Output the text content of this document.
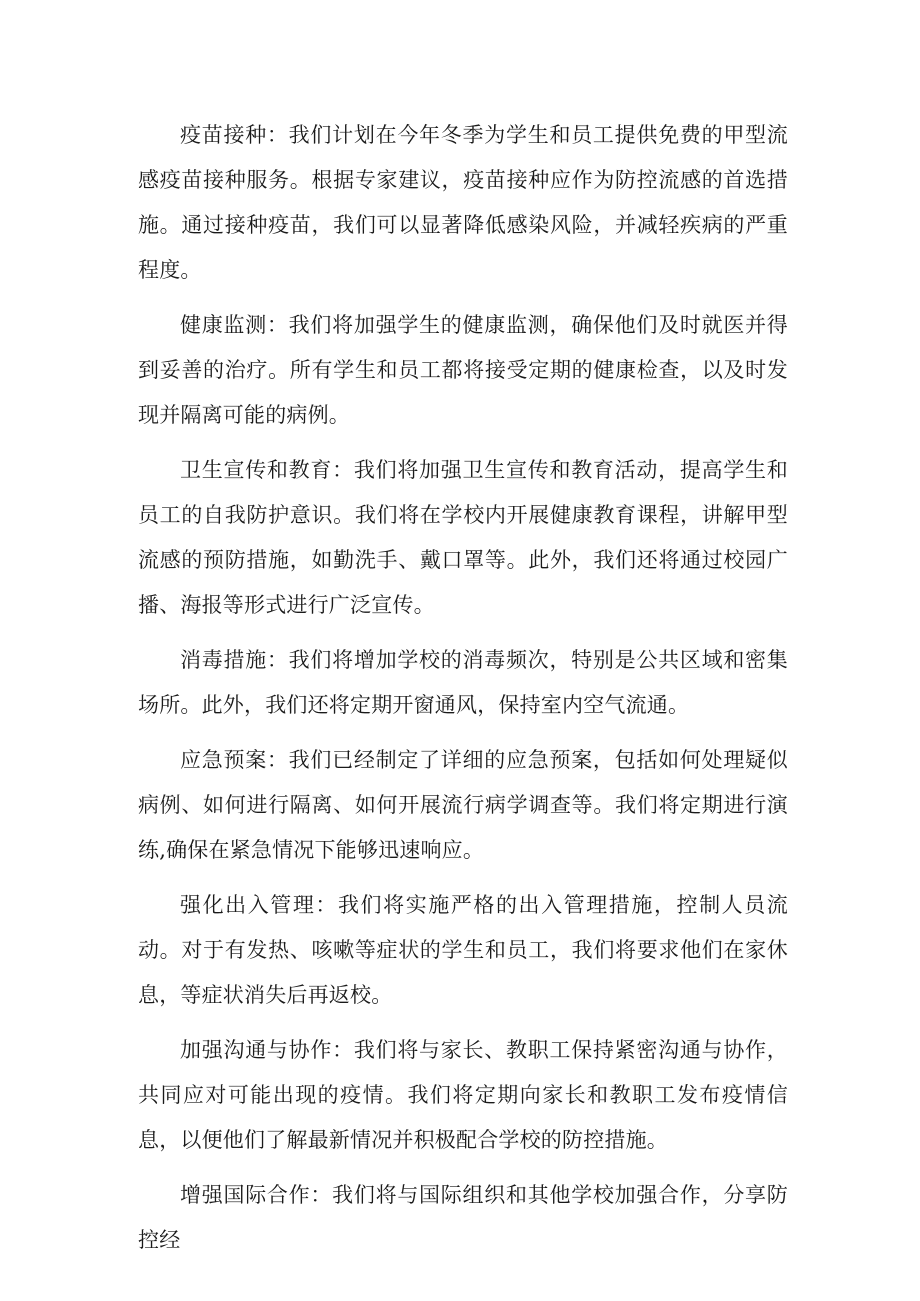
疫苗接种：我们计划在今年冬季为学生和员工提供免费的甲型流感疫苗接种服务。根据专家建议，疫苗接种应作为防控流感的首选措施。通过接种疫苗，我们可以显著降低感染风险，并减轻疾病的严重程度。

健康监测：我们将加强学生的健康监测，确保他们及时就医并得到妥善的治疗。所有学生和员工都将接受定期的健康检查，以及时发现并隔离可能的病例。

卫生宣传和教育：我们将加强卫生宣传和教育活动，提高学生和员工的自我防护意识。我们将在学校内开展健康教育课程，讲解甲型流感的预防措施，如勤洗手、戴口罩等。此外，我们还将通过校园广播、海报等形式进行广泛宣传。

消毒措施：我们将增加学校的消毒频次，特别是公共区域和密集场所。此外，我们还将定期开窗通风，保持室内空气流通。

应急预案：我们已经制定了详细的应急预案，包括如何处理疑似病例、如何进行隔离、如何开展流行病学调查等。我们将定期进行演练,确保在紧急情况下能够迅速响应。

强化出入管理：我们将实施严格的出入管理措施，控制人员流动。对于有发热、咳嗽等症状的学生和员工，我们将要求他们在家休息，等症状消失后再返校。

加强沟通与协作：我们将与家长、教职工保持紧密沟通与协作，共同应对可能出现的疫情。我们将定期向家长和教职工发布疫情信息，以便他们了解最新情况并积极配合学校的防控措施。

增强国际合作：我们将与国际组织和其他学校加强合作，分享防控经
